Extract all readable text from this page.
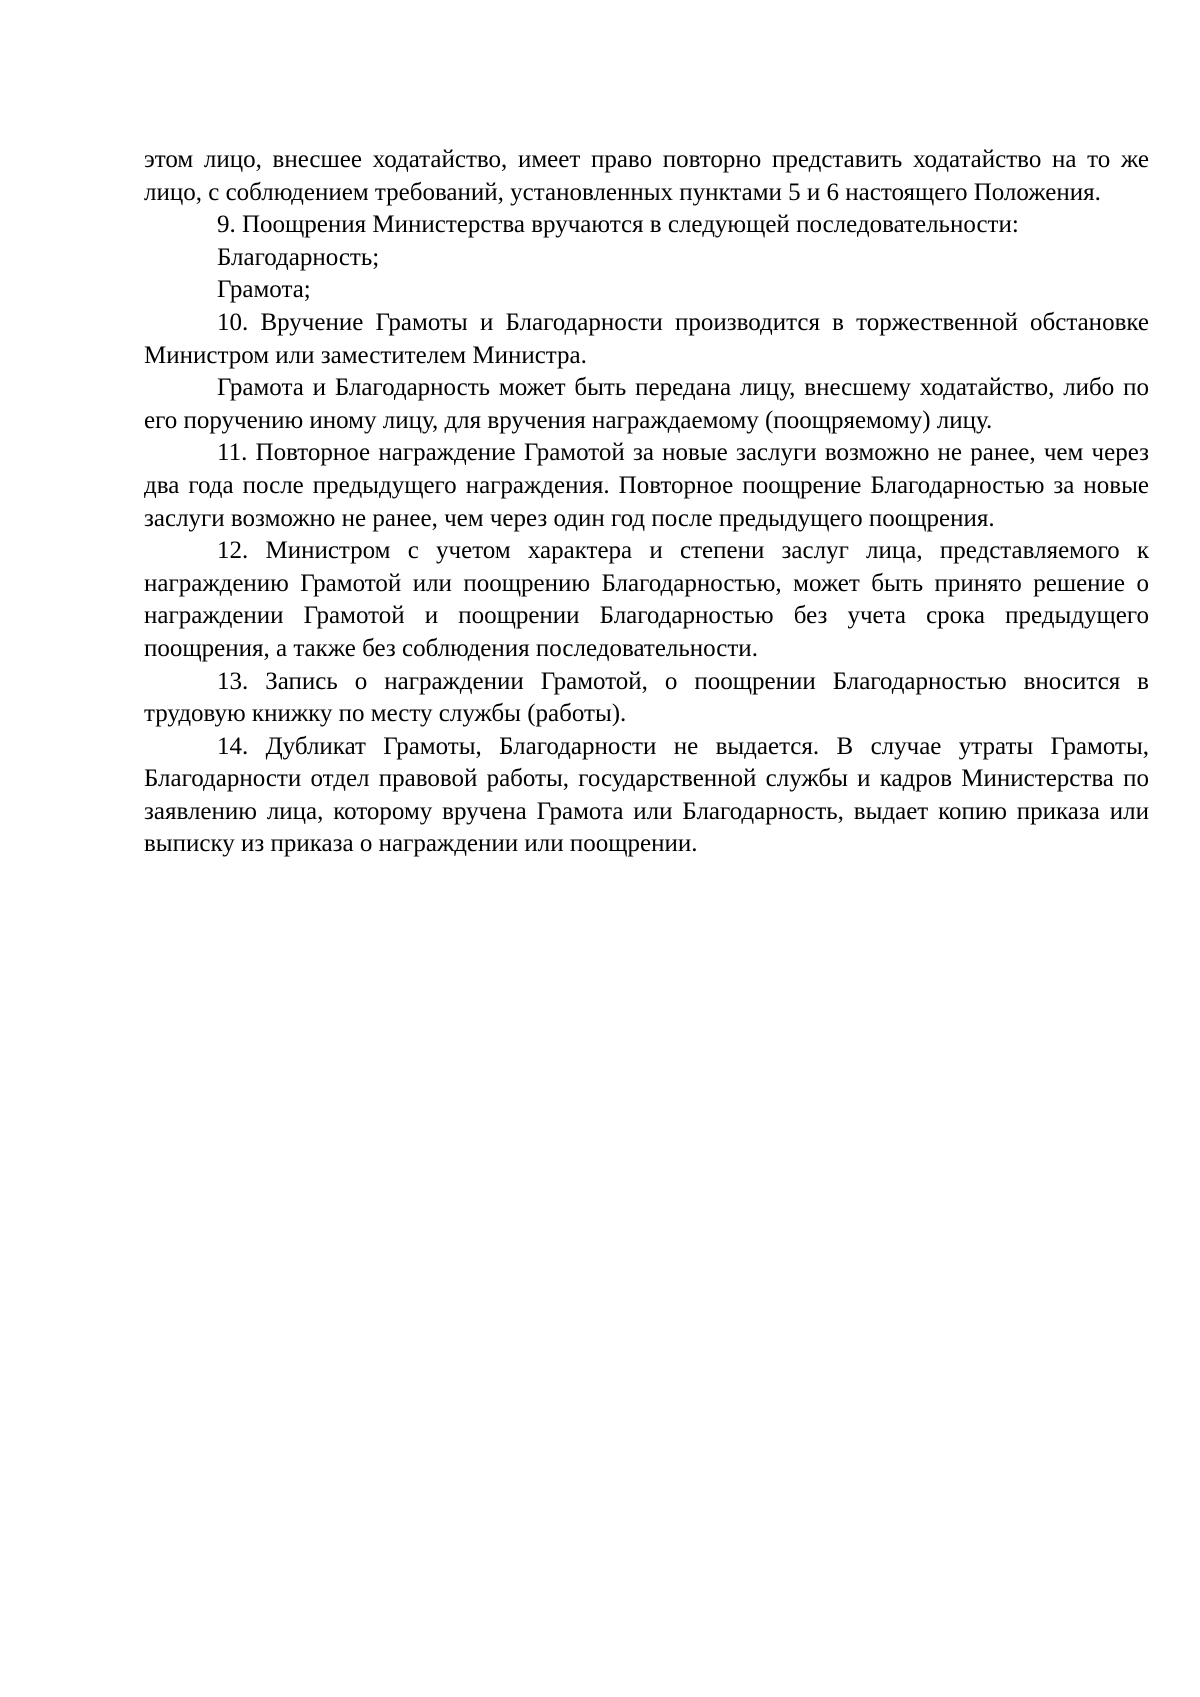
этом лицо, внесшее ходатайство, имеет право повторно представить ходатайство на то же лицо, с соблюдением требований, установленных пунктами 5 и 6 настоящего Положения.

9. Поощрения Министерства вручаются в следующей последовательности:

Благодарность;

Грамота;

10. Вручение Грамоты и Благодарности производится в торжественной обстановке Министром или заместителем Министра.

Грамота и Благодарность может быть передана лицу, внесшему ходатайство, либо по его поручению иному лицу, для вручения награждаемому (поощряемому) лицу.

11. Повторное награждение Грамотой за новые заслуги возможно не ранее, чем через два года после предыдущего награждения. Повторное поощрение Благодарностью за новые заслуги возможно не ранее, чем через один год после предыдущего поощрения.

12. Министром с учетом характера и степени заслуг лица, представляемого к награждению Грамотой или поощрению Благодарностью, может быть принято решение о награждении Грамотой и поощрении Благодарностью без учета срока предыдущего поощрения, а также без соблюдения последовательности.

13. Запись о награждении Грамотой, о поощрении Благодарностью вносится в трудовую книжку по месту службы (работы).

14. Дубликат Грамоты, Благодарности не выдается. В случае утраты Грамоты, Благодарности отдел правовой работы, государственной службы и кадров Министерства по заявлению лица, которому вручена Грамота или Благодарность, выдает копию приказа или выписку из приказа о награждении или поощрении.
